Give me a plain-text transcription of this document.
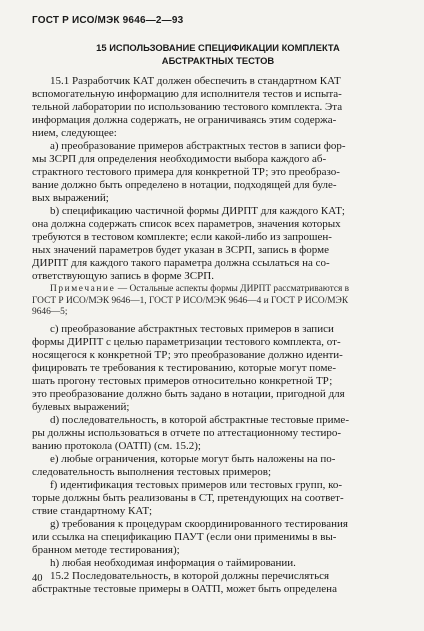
ГОСТ Р ИСО/МЭК 9646—2—93
15 ИСПОЛЬЗОВАНИЕ СПЕЦИФИКАЦИИ КОМПЛЕКТА
АБСТРАКТНЫХ ТЕСТОВ

15.1 Разработчик КАТ должен обеспечить в стандартном КАТ
вспомогательную информацию для исполнителя тестов и испыта-
тельной лаборатории по использованию тестового комплекта. Эта
информация должна содержать, не ограничиваясь этим содержа-
нием, следующее:

а) преобразование примеров абстрактных тестов в записи фор-
мы ЗСРП для определения необходимости выбора каждого аб-
страктного тестового примера для конкретной ТР; это преобразо-
вание должно быть определено в нотации, подходящей для буле-
вых выражений;

b) спецификацию частичной формы ДИРПТ для каждого КАТ;
она должна содержать список всех параметров, значения которых
требуются в тестовом комплекте; если какой-либо из запрошен-
ных значений параметров будет указан в ЗСРП, запись в форме
ДИРПТ для каждого такого параметра должна ссылаться на со-
ответствующую запись в форме ЗСРП.

Примечание — Остальные аспекты формы ДИРПТ рассматриваются в
ГОСТ Р ИСО/МЭК 9646—1, ГОСТ Р ИСО/МЭК 9646—4 и ГОСТ Р ИСО/МЭК
9646—5;

c) преобразование абстрактных тестовых примеров в записи
формы ДИРПТ с целью параметризации тестового комплекта, от-
носящегося к конкретной ТР; это преобразование должно иденти-
фицировать те требования к тестированию, которые могут поме-
шать прогону тестовых примеров относительно конкретной ТР;
это преобразование должно быть задано в нотации, пригодной для
булевых выражений;

d) последовательность, в которой абстрактные тестовые приме-
ры должны использоваться в отчете по аттестационному тестиро-
ванию протокола (ОАТП) (см. 15.2);

e) любые ограничения, которые могут быть наложены на по-
следовательность выполнения тестовых примеров;

f) идентификация тестовых примеров или тестовых групп, ко-
торые должны быть реализованы в СТ, претендующих на соответ-
ствие стандартному КАТ;

g) требования к процедурам скоординированного тестирования
или ссылка на спецификацию ПАУТ (если они применимы в вы-
бранном методе тестирования);

h) любая необходимая информация о таймировании.

15.2 Последовательность, в которой должны перечисляться
абстрактные тестовые примеры в ОАТП, может быть определена

40
